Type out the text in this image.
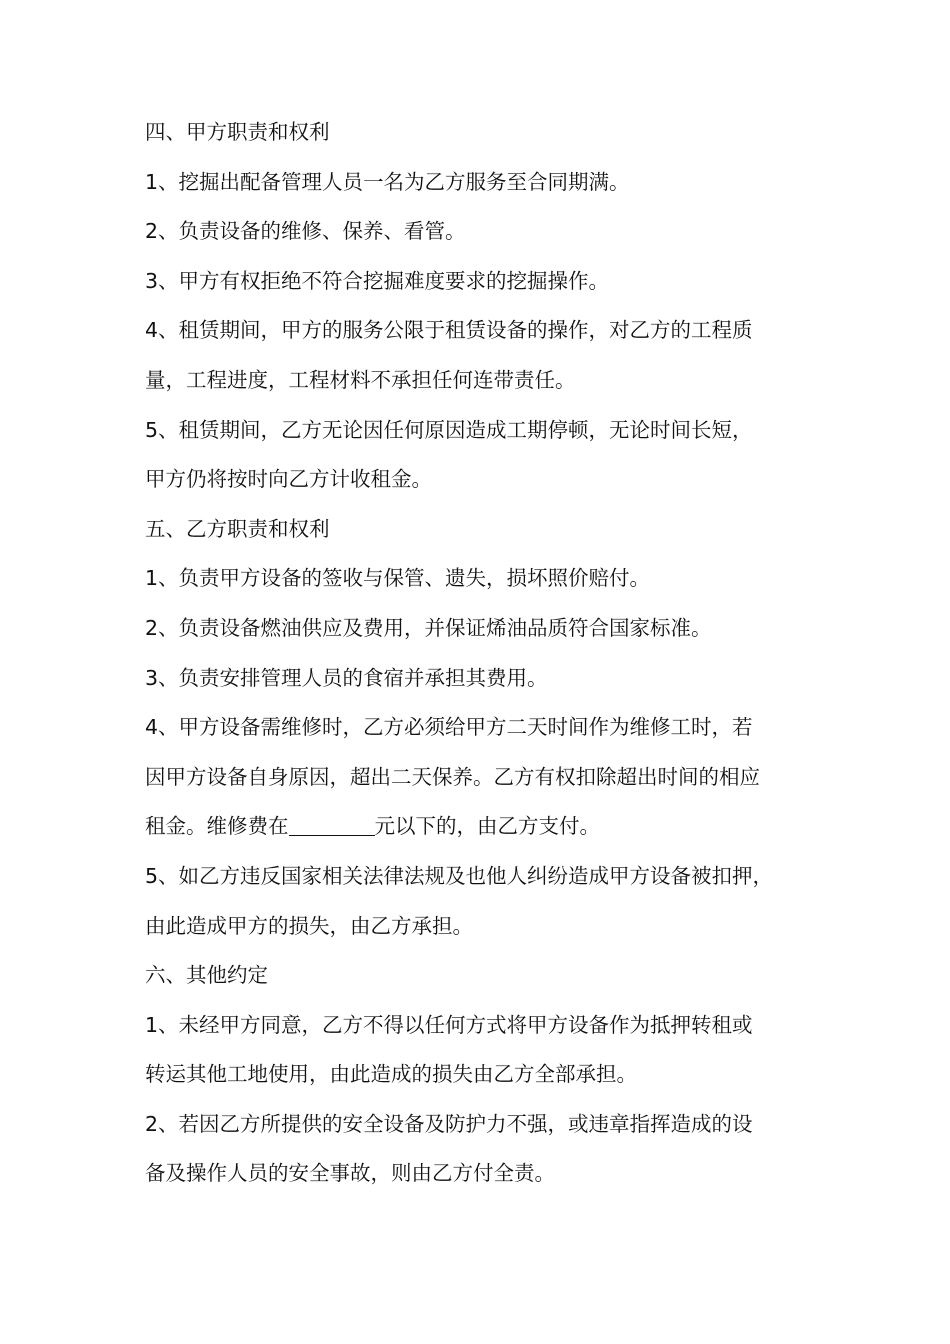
四、甲方职责和权利
1、挖掘出配备管理人员一名为乙方服务至合同期满。
2、负责设备的维修、保养、看管。
3、甲方有权拒绝不符合挖掘难度要求的挖掘操作。
4、租赁期间，甲方的服务公限于租赁设备的操作，对乙方的工程质
量，工程进度，工程材料不承担任何连带责任。
5、租赁期间，乙方无论因任何原因造成工期停顿，无论时间长短，
甲方仍将按时向乙方计收租金。
五、乙方职责和权利
1、负责甲方设备的签收与保管、遗失，损坏照价赔付。
2、负责设备燃油供应及费用，并保证烯油品质符合国家标准。
3、负责安排管理人员的食宿并承担其费用。
4、甲方设备需维修时，乙方必须给甲方二天时间作为维修工时，若
因甲方设备自身原因，超出二天保养。乙方有权扣除超出时间的相应
租金。维修费在	元以下的，由乙方支付。
5、如乙方违反国家相关法律法规及也他人纠纷造成甲方设备被扣押，
由此造成甲方的损失，由乙方承担。
六、其他约定
1、未经甲方同意，乙方不得以任何方式将甲方设备作为抵押转租或
转运其他工地使用，由此造成的损失由乙方全部承担。
2、若因乙方所提供的安全设备及防护力不强，或违章指挥造成的设
备及操作人员的安全事故，则由乙方付全责。
